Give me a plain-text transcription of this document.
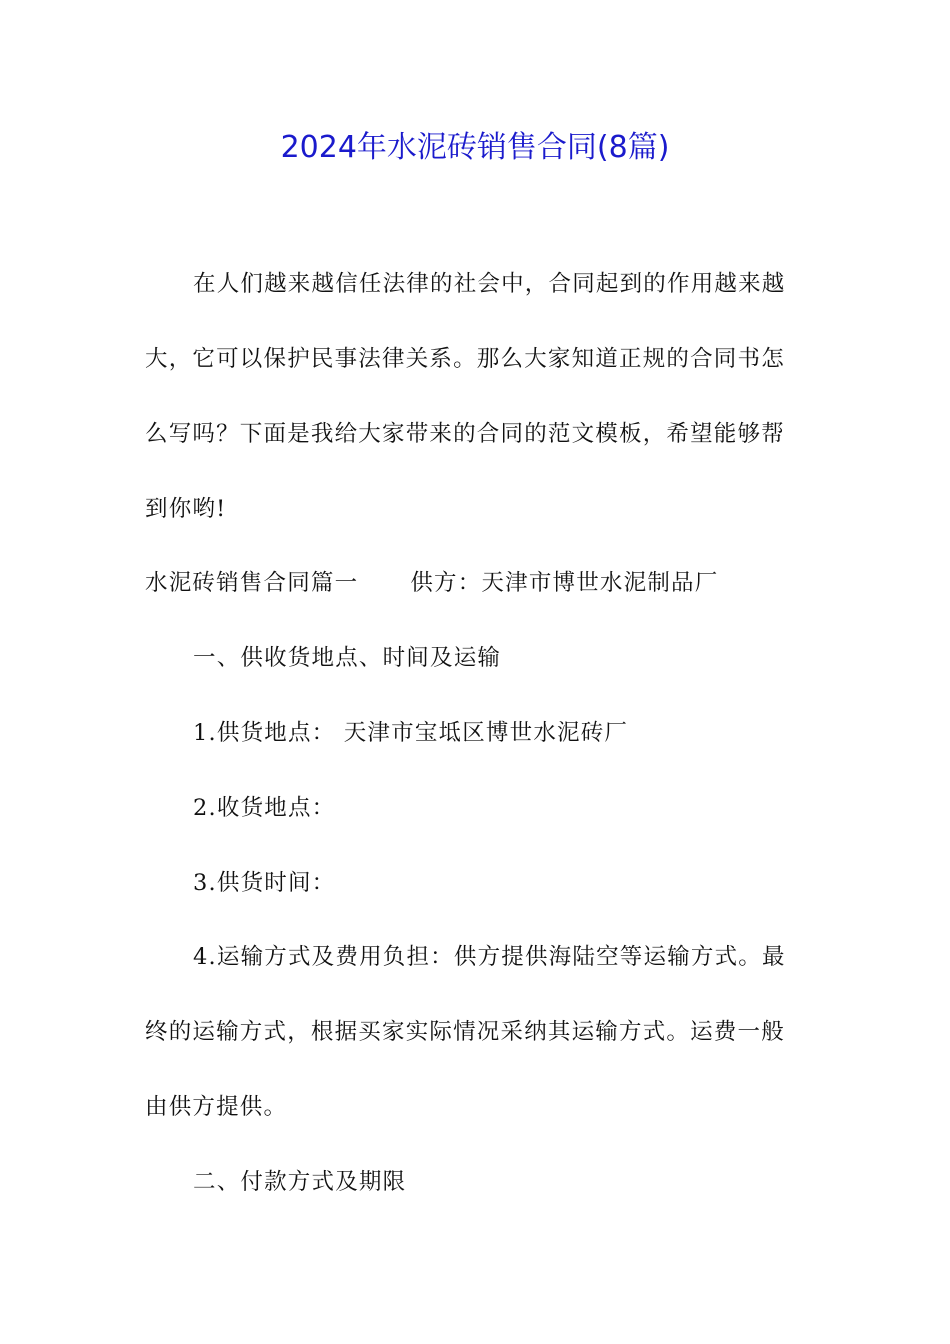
2024年水泥砖销售合同(8篇)
在人们越来越信任法律的社会中，合同起到的作用越来越
大，它可以保护民事法律关系。那么大家知道正规的合同书怎
么写吗？下面是我给大家带来的合同的范文模板，希望能够帮
到你哟!
水泥砖销售合同篇一 供方：天津市博世水泥制品厂
一、供收货地点、时间及运输
1.供货地点： 天津市宝坻区博世水泥砖厂
2.收货地点：
3.供货时间：
4.运输方式及费用负担：供方提供海陆空等运输方式。最
终的运输方式，根据买家实际情况采纳其运输方式。运费一般
由供方提供。
二、付款方式及期限
